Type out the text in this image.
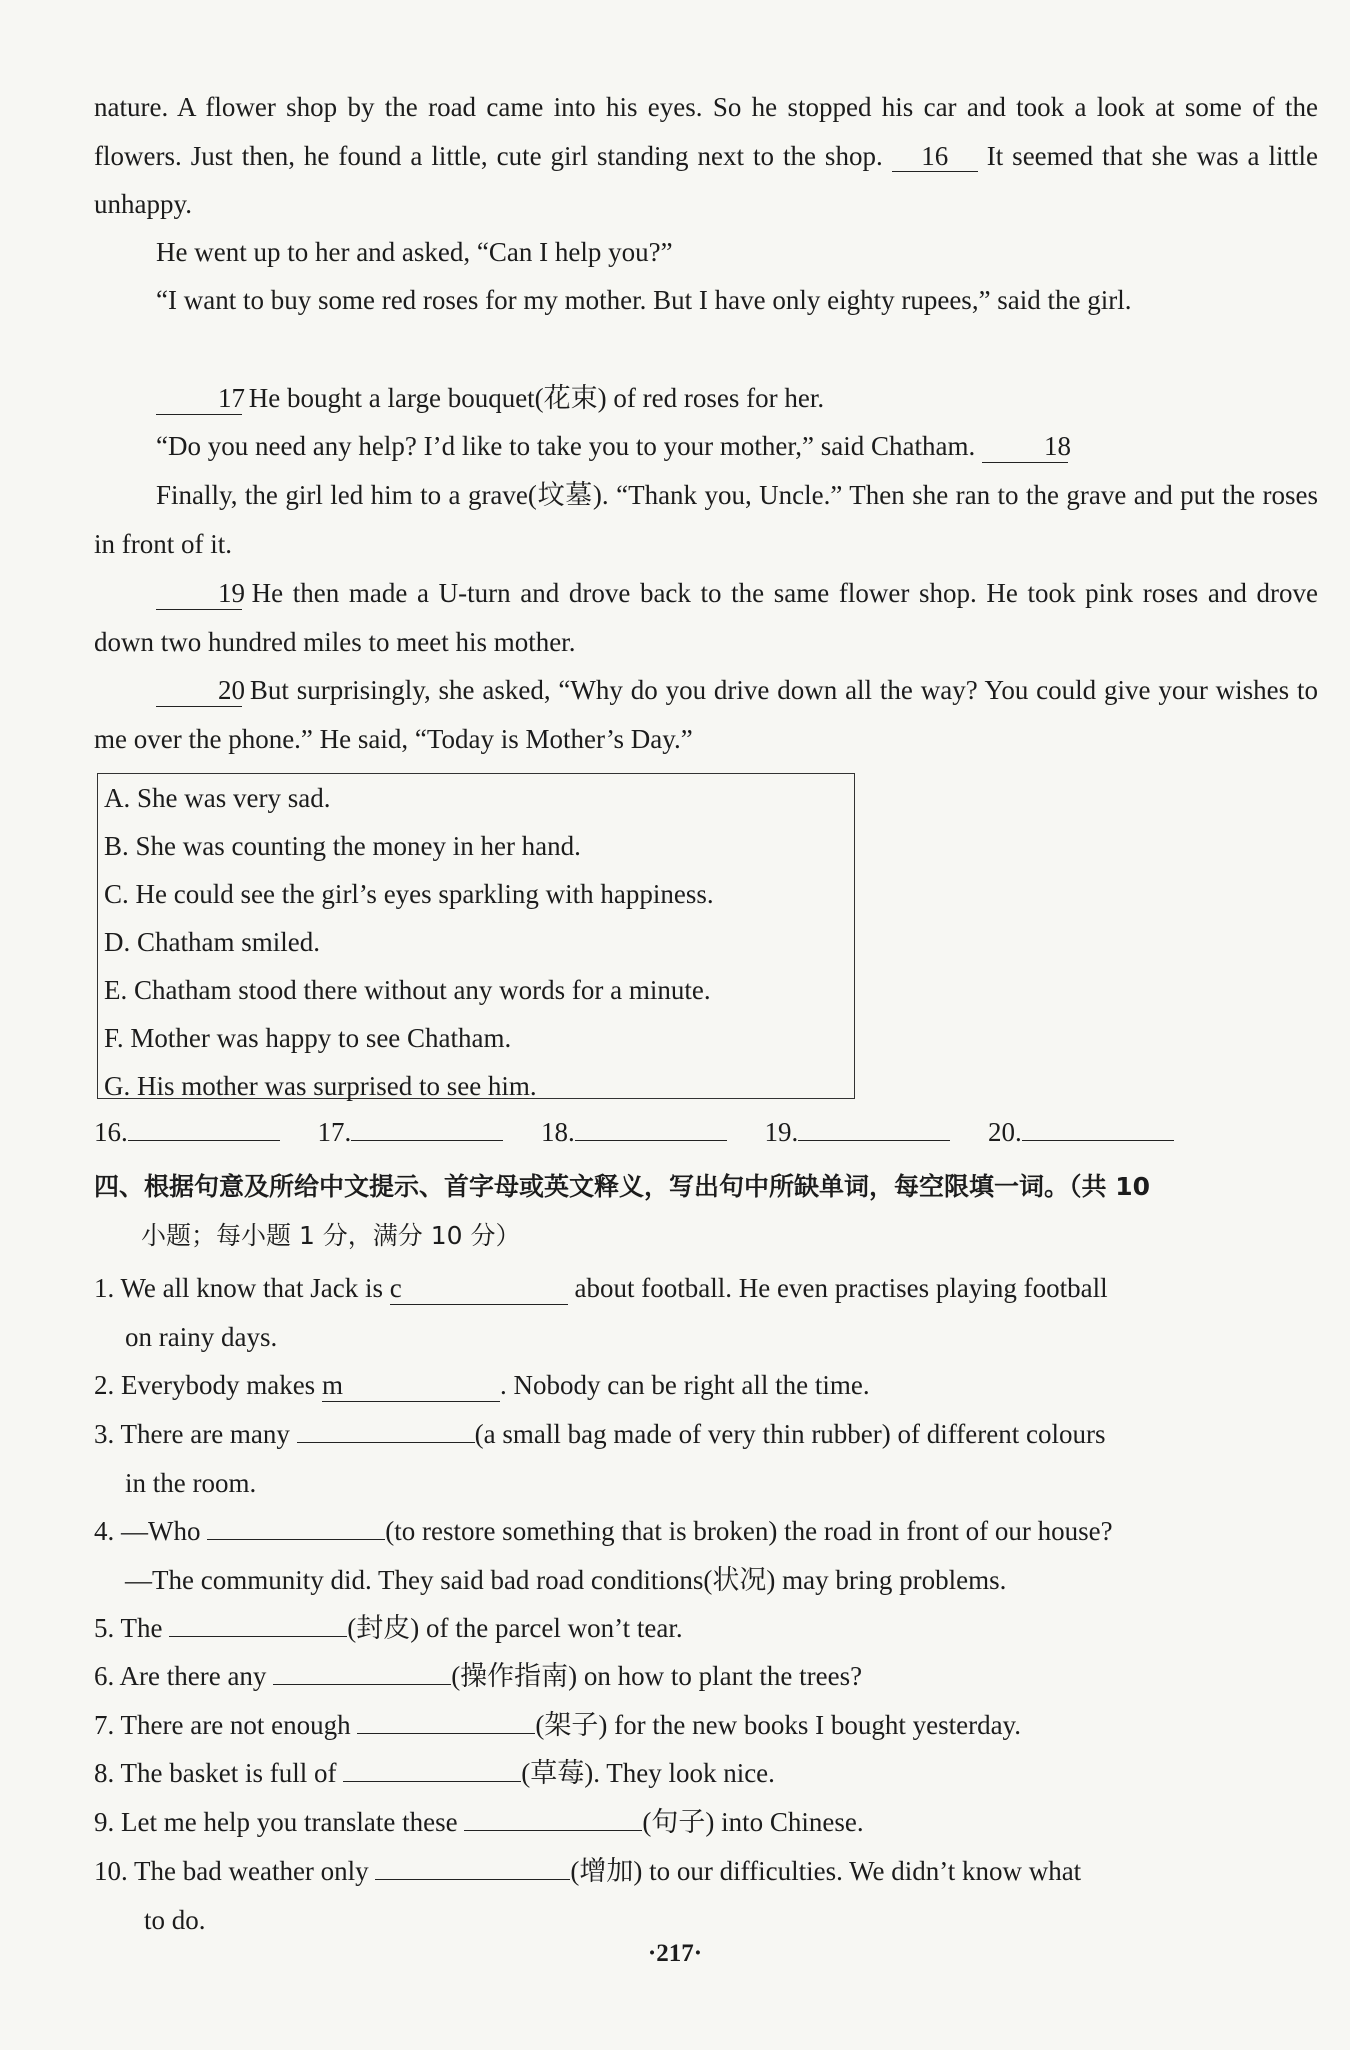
nature. A flower shop by the road came into his eyes. So he stopped his car and took a look at some of the flowers. Just then, he found a little, cute girl standing next to the shop. 16 It seemed that she was a little unhappy.

He went up to her and asked, “Can I help you?”

“I want to buy some red roses for my mother. But I have only eighty rupees,” said the girl.

17 He bought a large bouquet(花束) of red roses for her.

“Do you need any help? I’d like to take you to your mother,” said Chatham.	18

Finally, the girl led him to a grave(坟墓). “Thank you, Uncle.” Then she ran to the grave and put the roses in front of it.

19 He then made a U-turn and drove back to the same flower shop. He took pink roses and drove down two hundred miles to meet his mother.

20 But surprisingly, she asked, “Why do you drive down all the way? You could give your wishes to me over the phone.” He said, “Today is Mother’s Day.”

A. She was very sad.
B. She was counting the money in her hand.
C. He could see the girl’s eyes sparkling with happiness.
D. Chatham smiled.
E. Chatham stood there without any words for a minute.
F. Mother was happy to see Chatham.
G. His mother was surprised to see him.
16.	17.	18.	19.	20.
四、根据句意及所给中文提示、首字母或英文释义，写出句中所缺单词，每空限填一词。（共 10
小题；每小题 1 分，满分 10 分）
1. We all know that Jack is c	about football. He even practises playing football
on rainy days.
2. Everybody makes m	. Nobody can be right all the time.
3. There are many	(a small bag made of very thin rubber) of different colours
in the room.
4. —Who	(to restore something that is broken) the road in front of our house?
—The community did. They said bad road conditions(状况) may bring problems.
5. The	(封皮) of the parcel won’t tear.
6. Are there any	(操作指南) on how to plant the trees?
7. There are not enough	(架子) for the new books I bought yesterday.
8. The basket is full of	(草莓). They look nice.
9. Let me help you translate these	(句子) into Chinese.
10. The bad weather only	(增加) to our difficulties. We didn’t know what
to do.
·217·
